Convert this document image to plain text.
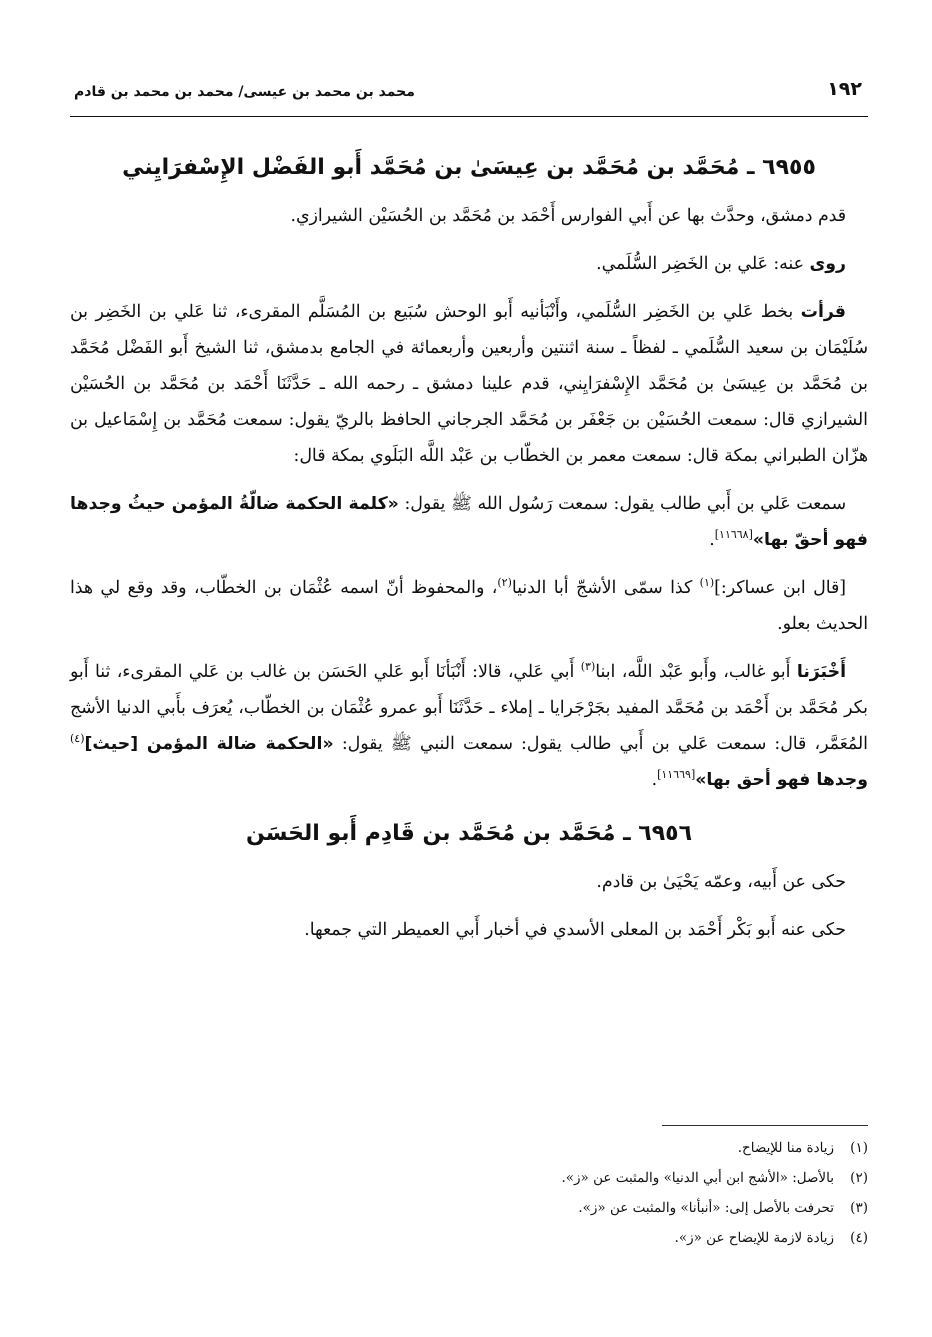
١٩٢
محمد بن محمد بن عيسى/ محمد بن محمد بن قادم
٦٩٥٥ ـ مُحَمَّد بن مُحَمَّد بن عِيسَىٰ بن مُحَمَّد أَبو الفَضْل الإِسْفرَايِني

قدم دمشق، وحدَّث بها عن أَبي الفوارس أَحْمَد بن مُحَمَّد بن الحُسَيْن الشيرازي.

روى عنه: عَلي بن الخَضِر السُّلَمي.

قرأت بخط عَلي بن الخَضِر السُّلَمي، وأَنْبَأنيه أَبو الوحش سُبَيع بن المُسَلَّم المقرىء، ثنا عَلي بن الخَضِر بن سُلَيْمَان بن سعيد السُّلَمي ـ لفظاً ـ سنة اثنتين وأربعين وأربعمائة في الجامع بدمشق، ثنا الشيخ أَبو الفَضْل مُحَمَّد بن مُحَمَّد بن عِيسَىٰ بن مُحَمَّد الإِسْفرَايِني، قدم علينا دمشق ـ رحمه الله ـ حَدَّثَنَا أَحْمَد بن مُحَمَّد بن الحُسَيْن الشيرازي قال: سمعت الحُسَيْن بن جَعْفَر بن مُحَمَّد الجرجاني الحافظ بالريّ يقول: سمعت مُحَمَّد بن إِسْمَاعيل بن هزّان الطبراني بمكة قال: سمعت معمر بن الخطّاب بن عَبْد اللَّه البَلَوي بمكة قال:

سمعت عَلي بن أَبي طالب يقول: سمعت رَسُول الله ﷺ يقول: «كلمة الحكمة ضالّةُ المؤمن حيثُ وجدها فهو أحقّ بها»[١١٦٦٨].

[قال ابن عساكر:]$^{(١)}$ كذا سمّى الأشجّ أبا الدنيا$^{(٢)}$، والمحفوظ أنّ اسمه عُثْمَان بن الخطّاب، وقد وقع لي هذا الحديث بعلو.

أَخْبَرَنا أَبو غالب، وأَبو عَبْد اللَّه، ابنا$^{(٣)}$ أَبي عَلي، قالا: أَنْبَأنَا أَبو عَلي الحَسَن بن غالب بن عَلي المقرىء، ثنا أَبو بكر مُحَمَّد بن أَحْمَد بن مُحَمَّد المفيد بجَرْجَرايا ـ إملاء ـ حَدَّثَنَا أَبو عمرو عُثْمَان بن الخطّاب، يُعرَف بأَبي الدنيا الأشج المُعَمَّر، قال: سمعت عَلي بن أَبي طالب يقول: سمعت النبي ﷺ يقول: «الحكمة ضالة المؤمن [حيث]$^{(٤)}$ وجدها فهو أحق بها»[١١٦٦٩].

٦٩٥٦ ـ مُحَمَّد بن مُحَمَّد بن قَادِم أَبو الحَسَن

حكى عن أَبيه، وعمّه يَحْيَىٰ بن قادم.

حكى عنه أَبو بَكْر أَحْمَد بن المعلى الأسدي في أخبار أَبي العميطر التي جمعها.

(١)زيادة منا للإيضاح.
(٢)بالأصل: «الأشج ابن أبي الدنيا» والمثبت عن «ز».
(٣)تحرفت بالأصل إلى: «أنبأنا» والمثبت عن «ز».
(٤)زيادة لازمة للإيضاح عن «ز».
